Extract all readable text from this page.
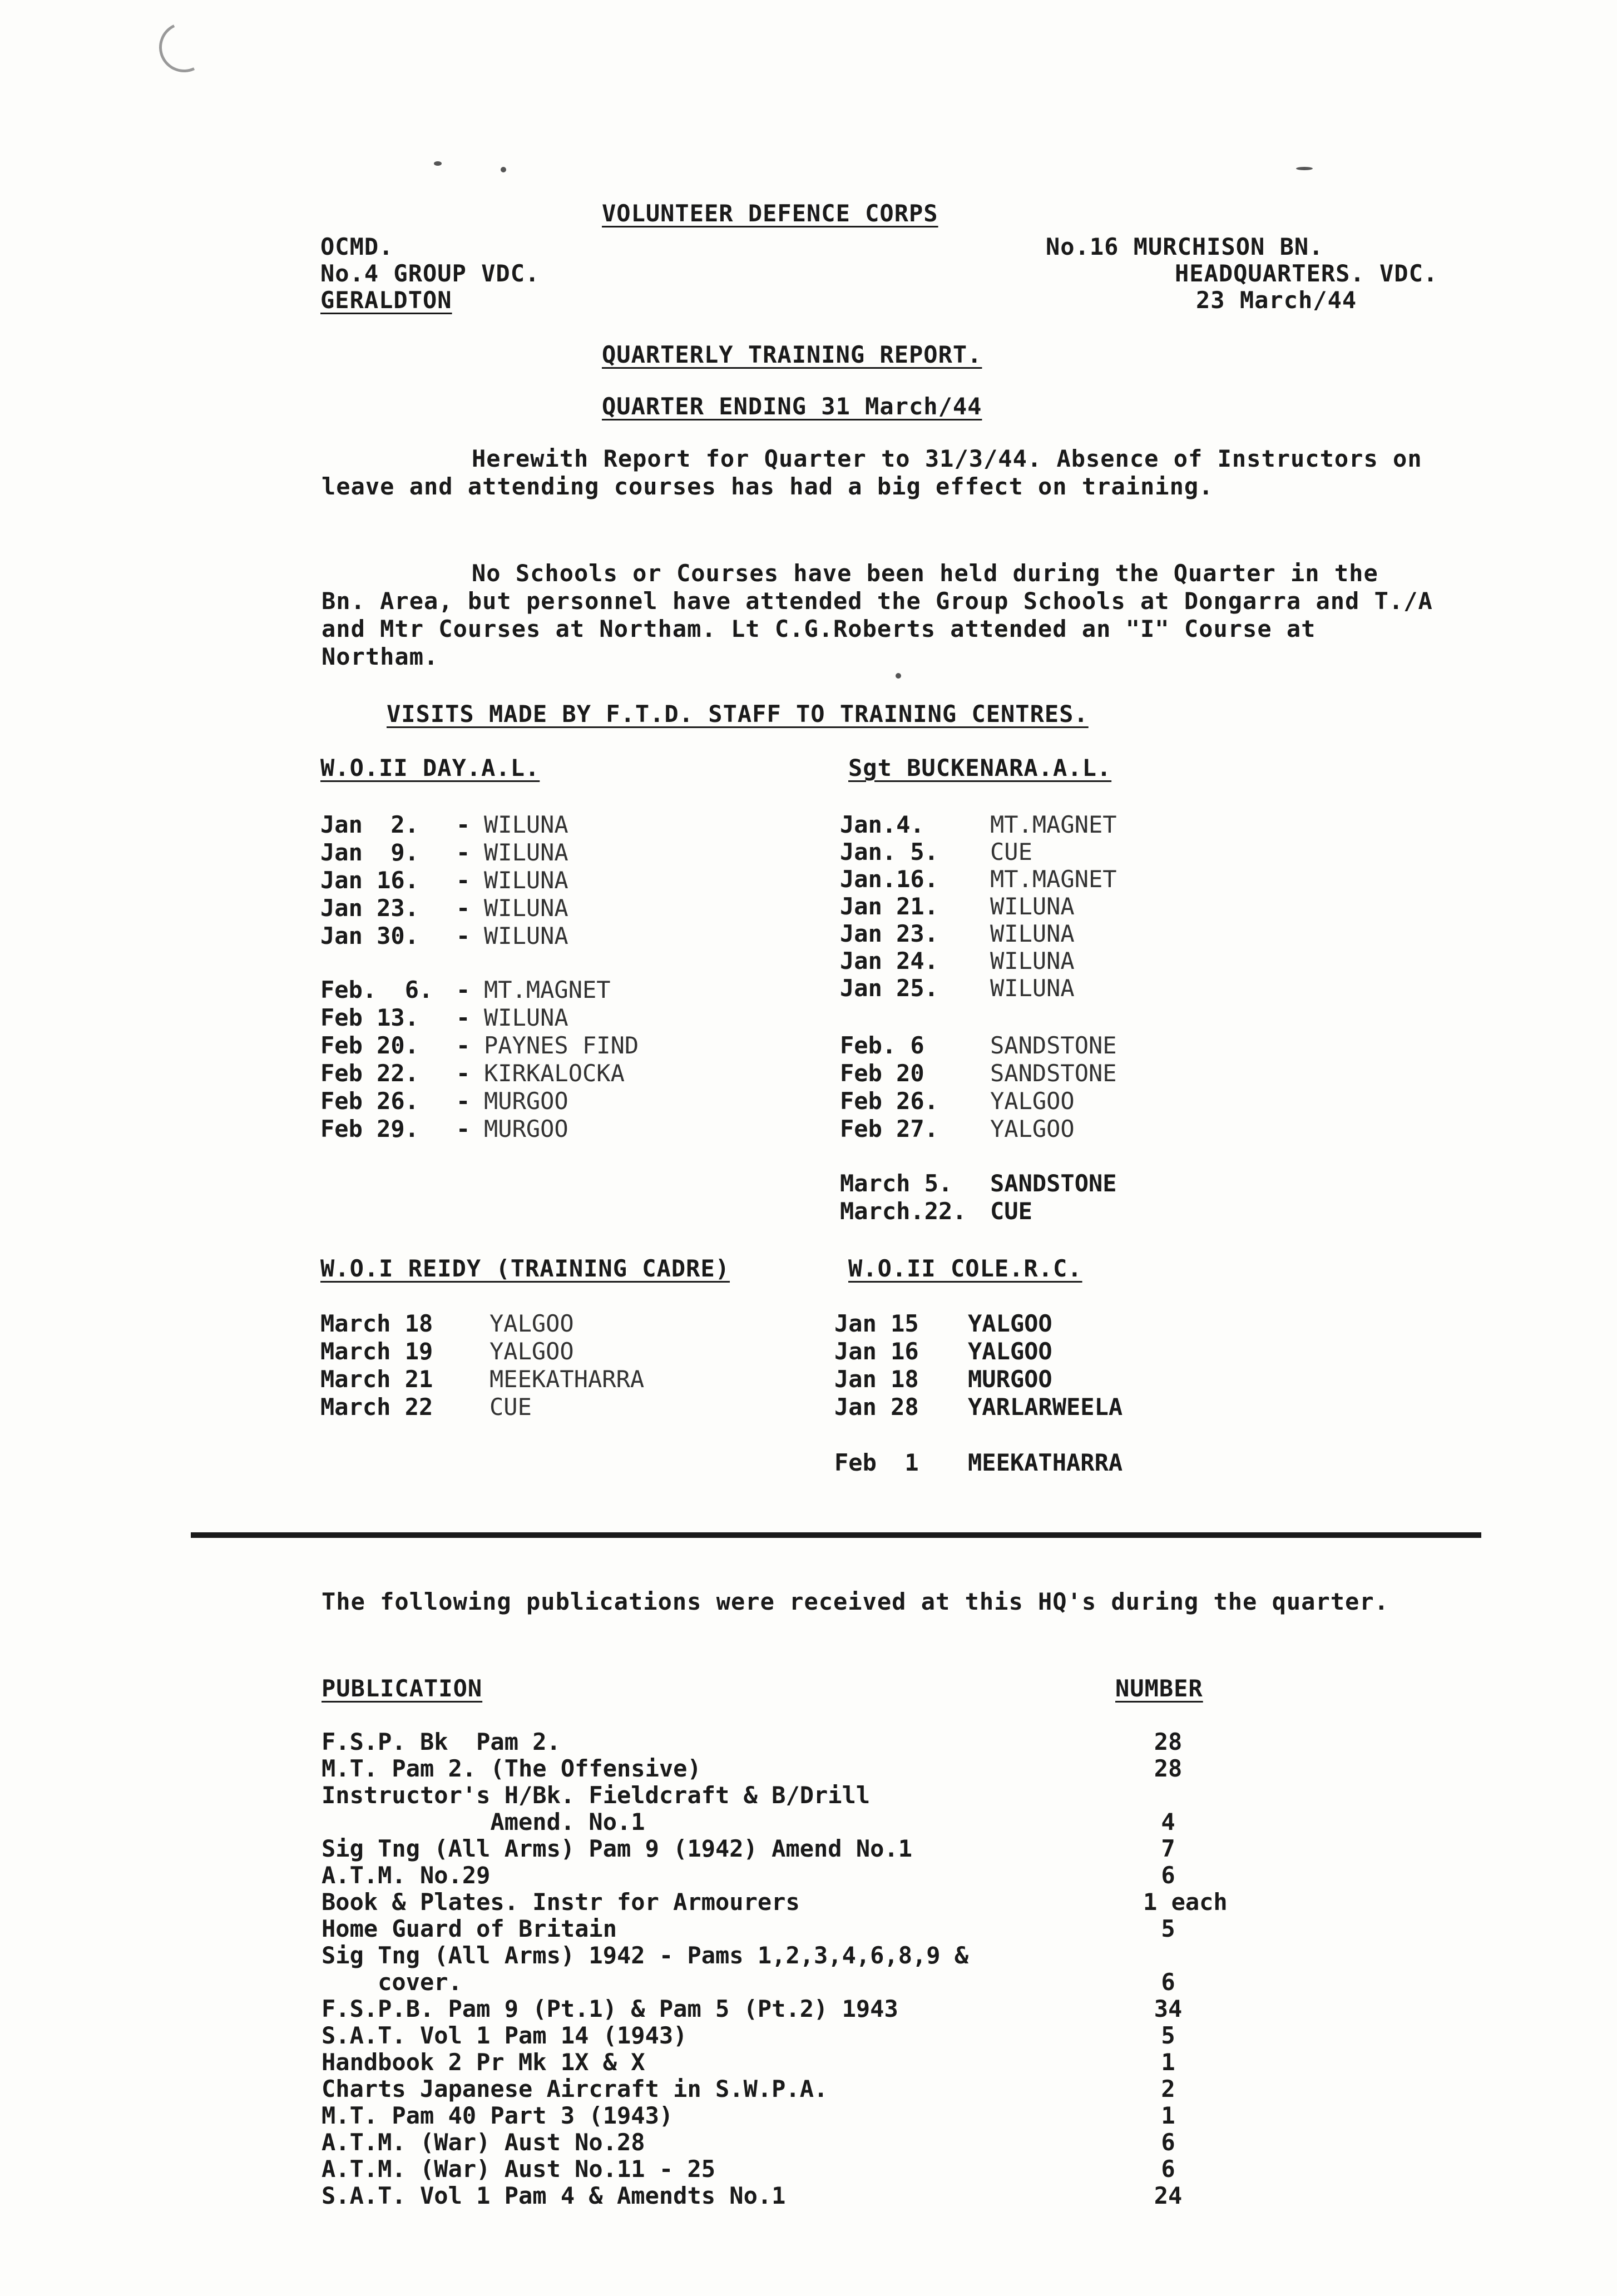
VOLUNTEER DEFENCE CORPS
OCMD.
No.4 GROUP VDC.
GERALDTON
No.16 MURCHISON BN.
HEADQUARTERS. VDC.
23 March/44
QUARTERLY TRAINING REPORT.
QUARTER ENDING 31 March/44
Herewith Report for Quarter to 31/3/44. Absence of Instructors on leave and attending courses has had a big effect on training.
No Schools or Courses have been held during the Quarter in the Bn. Area, but personnel have attended the Group Schools at Dongarra and T./A and Mtr Courses at Northam. Lt C.G.Roberts attended an "I" Course at Northam.
VISITS MADE BY F.T.D. STAFF TO TRAINING CENTRES.
W.O.II DAY.A.L.
Jan  2. - WILUNA
Jan  9. - WILUNA
Jan 16. - WILUNA
Jan 23. - WILUNA
Jan 30. - WILUNA
Feb.  6. - MT.MAGNET
Feb 13. - WILUNA
Feb 20. - PAYNES FIND
Feb 22. - KIRKALOCKA
Feb 26. - MURGOO
Feb 29. - MURGOO
Sgt BUCKENARA.A.L.
Jan.4.	MT.MAGNET
Jan. 5. CUE
Jan.16. MT.MAGNET
Jan 21. WILUNA
Jan 23. WILUNA
Jan 24. WILUNA
Jan 25. WILUNA
Feb. 6	SANDSTONE
Feb 20	SANDSTONE
Feb 26. YALGOO
Feb 27. YALGOO
March 5. SANDSTONE
March.22. CUE
W.O.I REIDY (TRAINING CADRE)
March 18 YALGOO
March 19 YALGOO
March 21 MEEKATHARRA
March 22 CUE
W.O.II COLE.R.C.
Jan 15 YALGOO
Jan 16 YALGOO
Jan 18 MURGOO
Jan 28 YARLARWEELA
Feb  1 MEEKATHARRA
The following publications were received at this HQ's during the quarter.
PUBLICATION	NUMBER
F.S.P. Bk  Pam 2.	28
M.T. Pam 2. (The Offensive)	28
Instructor's H/Bk. Fieldcraft & B/Drill
Amend. No.1	4
Sig Tng (All Arms) Pam 9 (1942) Amend No.1	7
A.T.M. No.29	6
Book & Plates. Instr for Armourers	1 each
Home Guard of Britain	5
Sig Tng (All Arms) 1942 - Pams 1,2,3,4,6,8,9 &
cover.	6
F.S.P.B. Pam 9 (Pt.1) & Pam 5 (Pt.2) 1943	34
S.A.T. Vol 1 Pam 14 (1943)	5
Handbook 2 Pr Mk 1X & X	1
Charts Japanese Aircraft in S.W.P.A.	2
M.T. Pam 40 Part 3 (1943)	1
A.T.M. (War) Aust No.28	6
A.T.M. (War) Aust No.11 - 25	6
S.A.T. Vol 1 Pam 4 & Amendts No.1	24
